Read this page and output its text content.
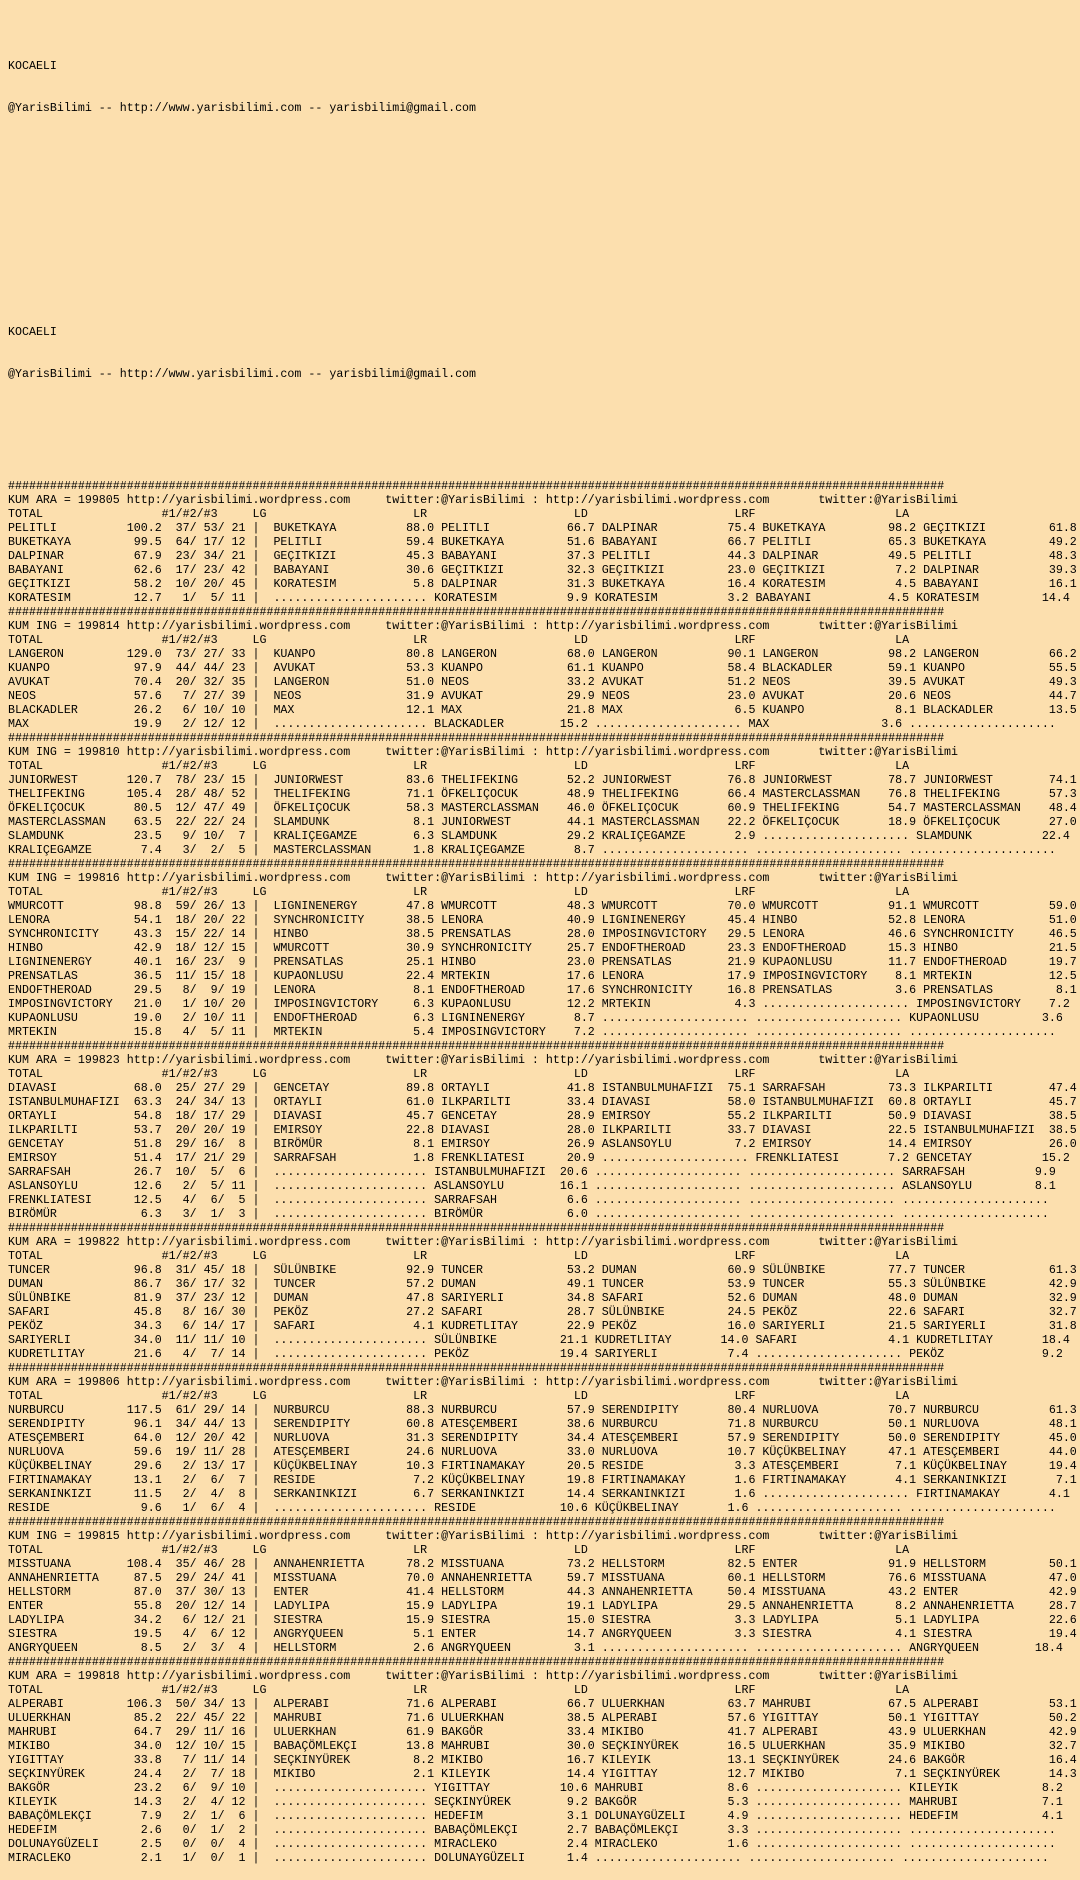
KOCAELI

@YarisBilimi -- http://www.yarisbilimi.com -- yarisbilimi@gmail.com

KOCAELI

@YarisBilimi -- http://www.yarisbilimi.com -- yarisbilimi@gmail.com

######################################################################################################################################
KUM ARA = 199805 http://yarisbilimi.wordpress.com     twitter:@YarisBilimi : http://yarisbilimi.wordpress.com       twitter:@YarisBilimi
TOTAL                 #1/#2/#3     LG                     LR                     LD                     LRF                    LA
PELITLI          100.2  37/ 53/ 21 |  BUKETKAYA          88.0 PELITLI           66.7 DALPINAR          75.4 BUKETKAYA         98.2 GEÇITKIZI         61.8
BUKETKAYA         99.5  64/ 17/ 12 |  PELITLI            59.4 BUKETKAYA         51.6 BABAYANI          66.7 PELITLI           65.3 BUKETKAYA         49.2
DALPINAR          67.9  23/ 34/ 21 |  GEÇITKIZI          45.3 BABAYANI          37.3 PELITLI           44.3 DALPINAR          49.5 PELITLI           48.3
BABAYANI          62.6  17/ 23/ 42 |  BABAYANI           30.6 GEÇITKIZI         32.3 GEÇITKIZI         23.0 GEÇITKIZI          7.2 DALPINAR          39.3
GEÇITKIZI         58.2  10/ 20/ 45 |  KORATESIM           5.8 DALPINAR          31.3 BUKETKAYA         16.4 KORATESIM          4.5 BABAYANI          16.1
KORATESIM         12.7   1/  5/ 11 |  ...................... KORATESIM          9.9 KORATESIM          3.2 BABAYANI           4.5 KORATESIM         14.4
######################################################################################################################################
KUM ING = 199814 http://yarisbilimi.wordpress.com     twitter:@YarisBilimi : http://yarisbilimi.wordpress.com       twitter:@YarisBilimi
TOTAL                 #1/#2/#3     LG                     LR                     LD                     LRF                    LA
LANGERON         129.0  73/ 27/ 33 |  KUANPO             80.8 LANGERON          68.0 LANGERON          90.1 LANGERON          98.2 LANGERON          66.2
KUANPO            97.9  44/ 44/ 23 |  AVUKAT             53.3 KUANPO            61.1 KUANPO            58.4 BLACKADLER        59.1 KUANPO            55.5
AVUKAT            70.4  20/ 32/ 35 |  LANGERON           51.0 NEOS              33.2 AVUKAT            51.2 NEOS              39.5 AVUKAT            49.3
NEOS              57.6   7/ 27/ 39 |  NEOS               31.9 AVUKAT            29.9 NEOS              23.0 AVUKAT            20.6 NEOS              44.7
BLACKADLER        26.2   6/ 10/ 10 |  MAX                12.1 MAX               21.8 MAX                6.5 KUANPO             8.1 BLACKADLER        13.5
MAX               19.9   2/ 12/ 12 |  ...................... BLACKADLER        15.2 ..................... MAX                3.6 .....................
######################################################################################################################################
KUM ING = 199810 http://yarisbilimi.wordpress.com     twitter:@YarisBilimi : http://yarisbilimi.wordpress.com       twitter:@YarisBilimi
TOTAL                 #1/#2/#3     LG                     LR                     LD                     LRF                    LA
JUNIORWEST       120.7  78/ 23/ 15 |  JUNIORWEST         83.6 THELIFEKING       52.2 JUNIORWEST        76.8 JUNIORWEST        78.7 JUNIORWEST        74.1
THELIFEKING      105.4  28/ 48/ 52 |  THELIFEKING        71.1 ÖFKELIÇOCUK       48.9 THELIFEKING       66.4 MASTERCLASSMAN    76.8 THELIFEKING       57.3
ÖFKELIÇOCUK       80.5  12/ 47/ 49 |  ÖFKELIÇOCUK        58.3 MASTERCLASSMAN    46.0 ÖFKELIÇOCUK       60.9 THELIFEKING       54.7 MASTERCLASSMAN    48.4
MASTERCLASSMAN    63.5  22/ 22/ 24 |  SLAMDUNK            8.1 JUNIORWEST        44.1 MASTERCLASSMAN    22.2 ÖFKELIÇOCUK       18.9 ÖFKELIÇOCUK       27.0
SLAMDUNK          23.5   9/ 10/  7 |  KRALIÇEGAMZE        6.3 SLAMDUNK          29.2 KRALIÇEGAMZE       2.9 ..................... SLAMDUNK          22.4
KRALIÇEGAMZE       7.4   3/  2/  5 |  MASTERCLASSMAN      1.8 KRALIÇEGAMZE       8.7 ..................... ..................... .....................
######################################################################################################################################
KUM ING = 199816 http://yarisbilimi.wordpress.com     twitter:@YarisBilimi : http://yarisbilimi.wordpress.com       twitter:@YarisBilimi
TOTAL                 #1/#2/#3     LG                     LR                     LD                     LRF                    LA
WMURCOTT          98.8  59/ 26/ 13 |  LIGNINENERGY       47.8 WMURCOTT          48.3 WMURCOTT          70.0 WMURCOTT          91.1 WMURCOTT          59.0
LENORA            54.1  18/ 20/ 22 |  SYNCHRONICITY      38.5 LENORA            40.9 LIGNINENERGY      45.4 HINBO             52.8 LENORA            51.0
SYNCHRONICITY     43.3  15/ 22/ 14 |  HINBO              38.5 PRENSATLAS        28.0 IMPOSINGVICTORY   29.5 LENORA            46.6 SYNCHRONICITY     46.5
HINBO             42.9  18/ 12/ 15 |  WMURCOTT           30.9 SYNCHRONICITY     25.7 ENDOFTHEROAD      23.3 ENDOFTHEROAD      15.3 HINBO             21.5
LIGNINENERGY      40.1  16/ 23/  9 |  PRENSATLAS         25.1 HINBO             23.0 PRENSATLAS        21.9 KUPAONLUSU        11.7 ENDOFTHEROAD      19.7
PRENSATLAS        36.5  11/ 15/ 18 |  KUPAONLUSU         22.4 MRTEKIN           17.6 LENORA            17.9 IMPOSINGVICTORY    8.1 MRTEKIN           12.5
ENDOFTHEROAD      29.5   8/  9/ 19 |  LENORA              8.1 ENDOFTHEROAD      17.6 SYNCHRONICITY     16.8 PRENSATLAS         3.6 PRENSATLAS         8.1
IMPOSINGVICTORY   21.0   1/ 10/ 20 |  IMPOSINGVICTORY     6.3 KUPAONLUSU        12.2 MRTEKIN            4.3 ..................... IMPOSINGVICTORY    7.2
KUPAONLUSU        19.0   2/ 10/ 11 |  ENDOFTHEROAD        6.3 LIGNINENERGY       8.7 ..................... ..................... KUPAONLUSU         3.6
MRTEKIN           15.8   4/  5/ 11 |  MRTEKIN             5.4 IMPOSINGVICTORY    7.2 ..................... ..................... .....................
######################################################################################################################################
KUM ARA = 199823 http://yarisbilimi.wordpress.com     twitter:@YarisBilimi : http://yarisbilimi.wordpress.com       twitter:@YarisBilimi
TOTAL                 #1/#2/#3     LG                     LR                     LD                     LRF                    LA
DIAVASI           68.0  25/ 27/ 29 |  GENCETAY           89.8 ORTAYLI           41.8 ISTANBULMUHAFIZI  75.1 SARRAFSAH         73.3 ILKPARILTI        47.4
ISTANBULMUHAFIZI  63.3  24/ 34/ 13 |  ORTAYLI            61.0 ILKPARILTI        33.4 DIAVASI           58.0 ISTANBULMUHAFIZI  60.8 ORTAYLI           45.7
ORTAYLI           54.8  18/ 17/ 29 |  DIAVASI            45.7 GENCETAY          28.9 EMIRSOY           55.2 ILKPARILTI        50.9 DIAVASI           38.5
ILKPARILTI        53.7  20/ 20/ 19 |  EMIRSOY            22.8 DIAVASI           28.0 ILKPARILTI        33.7 DIAVASI           22.5 ISTANBULMUHAFIZI  38.5
GENCETAY          51.8  29/ 16/  8 |  BIRÖMÜR             8.1 EMIRSOY           26.9 ASLANSOYLU         7.2 EMIRSOY           14.4 EMIRSOY           26.0
EMIRSOY           51.4  17/ 21/ 29 |  SARRAFSAH           1.8 FRENKLIATESI      20.9 ..................... FRENKLIATESI       7.2 GENCETAY          15.2
SARRAFSAH         26.7  10/  5/  6 |  ...................... ISTANBULMUHAFIZI  20.6 ..................... ..................... SARRAFSAH          9.9
ASLANSOYLU        12.6   2/  5/ 11 |  ...................... ASLANSOYLU        16.1 ..................... ..................... ASLANSOYLU         8.1
FRENKLIATESI      12.5   4/  6/  5 |  ...................... SARRAFSAH          6.6 ..................... ..................... .....................
BIRÖMÜR            6.3   3/  1/  3 |  ...................... BIRÖMÜR            6.0 ..................... ..................... .....................
######################################################################################################################################
KUM ARA = 199822 http://yarisbilimi.wordpress.com     twitter:@YarisBilimi : http://yarisbilimi.wordpress.com       twitter:@YarisBilimi
TOTAL                 #1/#2/#3     LG                     LR                     LD                     LRF                    LA
TUNCER            96.8  31/ 45/ 18 |  SÜLÜNBIKE          92.9 TUNCER            53.2 DUMAN             60.9 SÜLÜNBIKE         77.7 TUNCER            61.3
DUMAN             86.7  36/ 17/ 32 |  TUNCER             57.2 DUMAN             49.1 TUNCER            53.9 TUNCER            55.3 SÜLÜNBIKE         42.9
SÜLÜNBIKE         81.9  37/ 23/ 12 |  DUMAN              47.8 SARIYERLI         34.8 SAFARI            52.6 DUMAN             48.0 DUMAN             32.9
SAFARI            45.8   8/ 16/ 30 |  PEKÖZ              27.2 SAFARI            28.7 SÜLÜNBIKE         24.5 PEKÖZ             22.6 SAFARI            32.7
PEKÖZ             34.3   6/ 14/ 17 |  SAFARI              4.1 KUDRETLITAY       22.9 PEKÖZ             16.0 SARIYERLI         21.5 SARIYERLI         31.8
SARIYERLI         34.0  11/ 11/ 10 |  ...................... SÜLÜNBIKE         21.1 KUDRETLITAY       14.0 SAFARI             4.1 KUDRETLITAY       18.4
KUDRETLITAY       21.6   4/  7/ 14 |  ...................... PEKÖZ             19.4 SARIYERLI          7.4 ..................... PEKÖZ              9.2
######################################################################################################################################
KUM ARA = 199806 http://yarisbilimi.wordpress.com     twitter:@YarisBilimi : http://yarisbilimi.wordpress.com       twitter:@YarisBilimi
TOTAL                 #1/#2/#3     LG                     LR                     LD                     LRF                    LA
NURBURCU         117.5  61/ 29/ 14 |  NURBURCU           88.3 NURBURCU          57.9 SERENDIPITY       80.4 NURLUOVA          70.7 NURBURCU          61.3
SERENDIPITY       96.1  34/ 44/ 13 |  SERENDIPITY        60.8 ATESÇEMBERI       38.6 NURBURCU          71.8 NURBURCU          50.1 NURLUOVA          48.1
ATESÇEMBERI       64.0  12/ 20/ 42 |  NURLUOVA           31.3 SERENDIPITY       34.4 ATESÇEMBERI       57.9 SERENDIPITY       50.0 SERENDIPITY       45.0
NURLUOVA          59.6  19/ 11/ 28 |  ATESÇEMBERI        24.6 NURLUOVA          33.0 NURLUOVA          10.7 KÜÇÜKBELINAY      47.1 ATESÇEMBERI       44.0
KÜÇÜKBELINAY      29.6   2/ 13/ 17 |  KÜÇÜKBELINAY       10.3 FIRTINAMAKAY      20.5 RESIDE             3.3 ATESÇEMBERI        7.1 KÜÇÜKBELINAY      19.4
FIRTINAMAKAY      13.1   2/  6/  7 |  RESIDE              7.2 KÜÇÜKBELINAY      19.8 FIRTINAMAKAY       1.6 FIRTINAMAKAY       4.1 SERKANINKIZI       7.1
SERKANINKIZI      11.5   2/  4/  8 |  SERKANINKIZI        6.7 SERKANINKIZI      14.4 SERKANINKIZI       1.6 ..................... FIRTINAMAKAY       4.1
RESIDE             9.6   1/  6/  4 |  ...................... RESIDE            10.6 KÜÇÜKBELINAY       1.6 ..................... .....................
######################################################################################################################################
KUM ING = 199815 http://yarisbilimi.wordpress.com     twitter:@YarisBilimi : http://yarisbilimi.wordpress.com       twitter:@YarisBilimi
TOTAL                 #1/#2/#3     LG                     LR                     LD                     LRF                    LA
MISSTUANA        108.4  35/ 46/ 28 |  ANNAHENRIETTA      78.2 MISSTUANA         73.2 HELLSTORM         82.5 ENTER             91.9 HELLSTORM         50.1
ANNAHENRIETTA     87.5  29/ 24/ 41 |  MISSTUANA          70.0 ANNAHENRIETTA     59.7 MISSTUANA         60.1 HELLSTORM         76.6 MISSTUANA         47.0
HELLSTORM         87.0  37/ 30/ 13 |  ENTER              41.4 HELLSTORM         44.3 ANNAHENRIETTA     50.4 MISSTUANA         43.2 ENTER             42.9
ENTER             55.8  20/ 12/ 14 |  LADYLIPA           15.9 LADYLIPA          19.1 LADYLIPA          29.5 ANNAHENRIETTA      8.2 ANNAHENRIETTA     28.7
LADYLIPA          34.2   6/ 12/ 21 |  SIESTRA            15.9 SIESTRA           15.0 SIESTRA            3.3 LADYLIPA           5.1 LADYLIPA          22.6
SIESTRA           19.5   4/  6/ 12 |  ANGRYQUEEN          5.1 ENTER             14.7 ANGRYQUEEN         3.3 SIESTRA            4.1 SIESTRA           19.4
ANGRYQUEEN         8.5   2/  3/  4 |  HELLSTORM           2.6 ANGRYQUEEN         3.1 ..................... ..................... ANGRYQUEEN        18.4
######################################################################################################################################
KUM ARA = 199818 http://yarisbilimi.wordpress.com     twitter:@YarisBilimi : http://yarisbilimi.wordpress.com       twitter:@YarisBilimi
TOTAL                 #1/#2/#3     LG                     LR                     LD                     LRF                    LA
ALPERABI         106.3  50/ 34/ 13 |  ALPERABI           71.6 ALPERABI          66.7 ULUERKHAN         63.7 MAHRUBI           67.5 ALPERABI          53.1
ULUERKHAN         85.2  22/ 45/ 22 |  MAHRUBI            71.6 ULUERKHAN         38.5 ALPERABI          57.6 YIGITTAY          50.1 YIGITTAY          50.2
MAHRUBI           64.7  29/ 11/ 16 |  ULUERKHAN          61.9 BAKGÖR            33.4 MIKIBO            41.7 ALPERABI          43.9 ULUERKHAN         42.9
MIKIBO            34.0  12/ 10/ 15 |  BABAÇÖMLEKÇI       13.8 MAHRUBI           30.0 SEÇKINYÜREK       16.5 ULUERKHAN         35.9 MIKIBO            32.7
YIGITTAY          33.8   7/ 11/ 14 |  SEÇKINYÜREK         8.2 MIKIBO            16.7 KILEYIK           13.1 SEÇKINYÜREK       24.6 BAKGÖR            16.4
SEÇKINYÜREK       24.4   2/  7/ 18 |  MIKIBO              2.1 KILEYIK           14.4 YIGITTAY          12.7 MIKIBO             7.1 SEÇKINYÜREK       14.3
BAKGÖR            23.2   6/  9/ 10 |  ...................... YIGITTAY          10.6 MAHRUBI            8.6 ..................... KILEYIK            8.2
KILEYIK           14.3   2/  4/ 12 |  ...................... SEÇKINYÜREK        9.2 BAKGÖR             5.3 ..................... MAHRUBI            7.1
BABAÇÖMLEKÇI       7.9   2/  1/  6 |  ...................... HEDEFIM            3.1 DOLUNAYGÜZELI      4.9 ..................... HEDEFIM            4.1
HEDEFIM            2.6   0/  1/  2 |  ...................... BABAÇÖMLEKÇI       2.7 BABAÇÖMLEKÇI       3.3 ..................... .....................
DOLUNAYGÜZELI      2.5   0/  0/  4 |  ...................... MIRACLEKO          2.4 MIRACLEKO          1.6 ..................... .....................
MIRACLEKO          2.1   1/  0/  1 |  ...................... DOLUNAYGÜZELI      1.4 ..................... ..................... .....................
